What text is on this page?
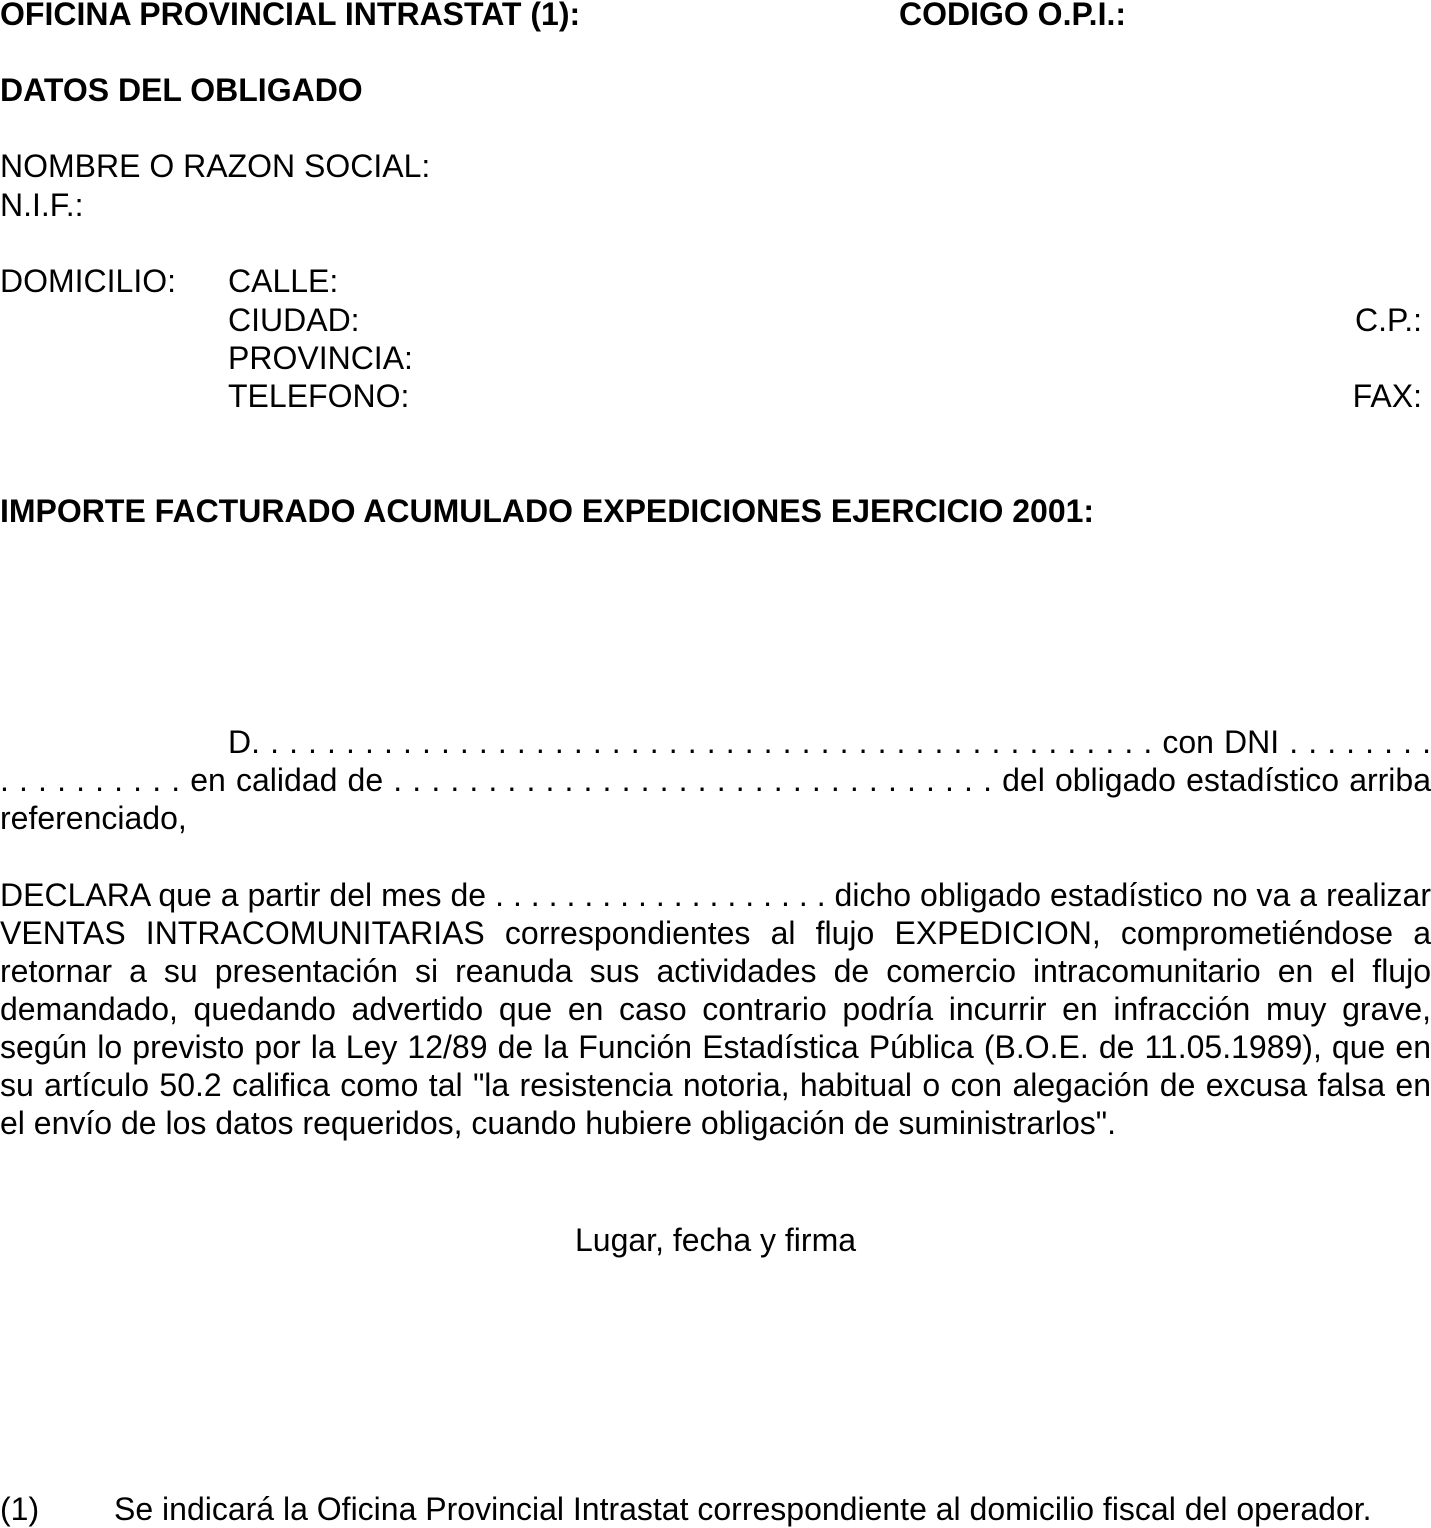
OFICINA PROVINCIAL INTRASTAT (1):	CODIGO O.P.I.:
DATOS DEL OBLIGADO
NOMBRE O RAZON SOCIAL:
N.I.F.:
DOMICILIO: CALLE:
CIUDAD:	C.P.:
PROVINCIA:
TELEFONO:	FAX:
IMPORTE FACTURADO ACUMULADO EXPEDICIONES EJERCICIO 2001:
D. . . . . . . . . . . . . . . . . . . . . . . . . . . . . . . . . . . . . . . . . . . . . . . . con DNI . . . . . . . .
. . . . . . . . . . en calidad de . . . . . . . . . . . . . . . . . . . . . . . . . . . . . . . . del obligado estadístico arriba
referenciado,
DECLARA que a partir del mes de . . . . . . . . . . . . . . . . . . . dicho obligado estadístico no va a realizar VENTAS INTRACOMUNITARIAS correspondientes al flujo EXPEDICION, comprometiéndose a retornar a su presentación si reanuda sus actividades de comercio intracomunitario en el flujo demandado, quedando advertido que en caso contrario podría incurrir en infracción muy grave, según lo previsto por la Ley 12/89 de la Función Estadística Pública (B.O.E. de 11.05.1989), que en su artículo 50.2 califica como tal "la resistencia notoria, habitual o con alegación de excusa falsa en el envío de los datos requeridos, cuando hubiere obligación de suministrarlos".
Lugar, fecha y firma
(1) Se indicará la Oficina Provincial Intrastat correspondiente al domicilio fiscal del operador.
